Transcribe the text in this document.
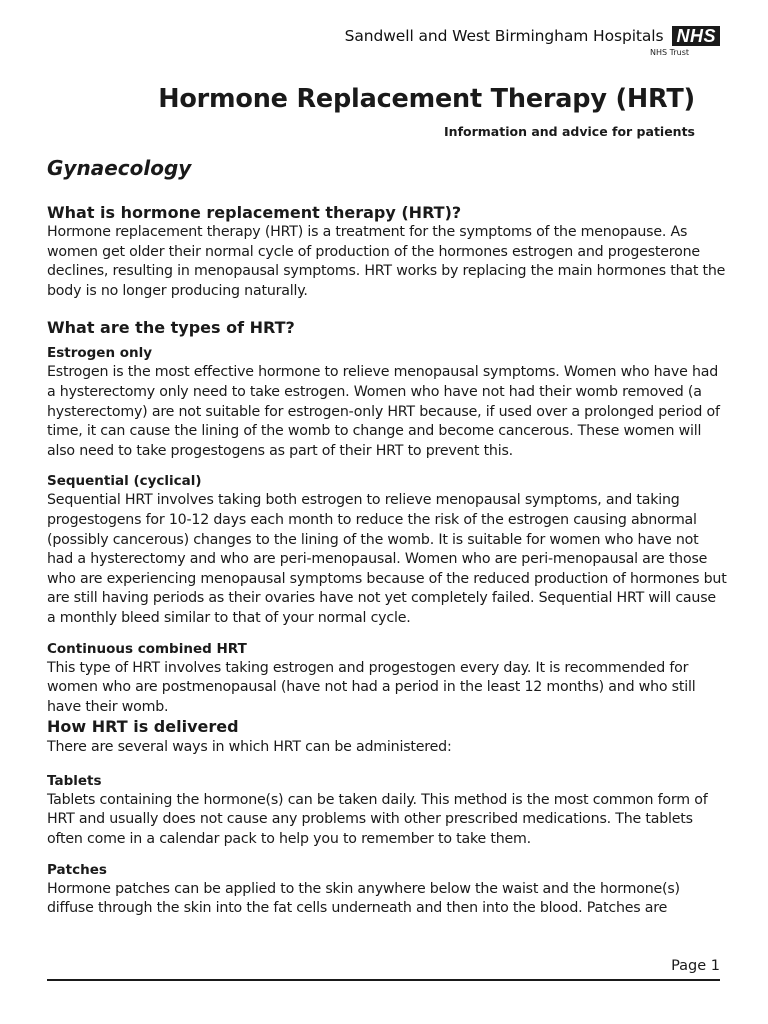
Sandwell and West Birmingham Hospitals NHS
NHS Trust
Hormone Replacement Therapy (HRT)
Information and advice for patients
Gynaecology
What is hormone replacement therapy (HRT)?

Hormone replacement therapy (HRT) is a treatment for the symptoms of the menopause. As women get older their normal cycle of production of the hormones estrogen and progesterone declines, resulting in menopausal symptoms. HRT works by replacing the main hormones that the body is no longer producing naturally.

What are the types of HRT?
Estrogen only

Estrogen is the most effective hormone to relieve menopausal symptoms. Women who have had a hysterectomy only need to take estrogen. Women who have not had their womb removed (a hysterectomy) are not suitable for estrogen-only HRT because, if used over a prolonged period of time, it can cause the lining of the womb to change and become cancerous. These women will also need to take progestogens as part of their HRT to prevent this.

Sequential (cyclical)

Sequential HRT involves taking both estrogen to relieve menopausal symptoms, and taking progestogens for 10-12 days each month to reduce the risk of the estrogen causing abnormal (possibly cancerous) changes to the lining of the womb. It is suitable for women who have not had a hysterectomy and who are peri-menopausal. Women who are peri-menopausal are those who are experiencing menopausal symptoms because of the reduced production of hormones but are still having periods as their ovaries have not yet completely failed. Sequential HRT will cause a monthly bleed similar to that of your normal cycle.

Continuous combined HRT

This type of HRT involves taking estrogen and progestogen every day. It is recommended for women who are postmenopausal (have not had a period in the least 12 months) and who still have their womb.

How HRT is delivered

There are several ways in which HRT can be administered:

Tablets

Tablets containing the hormone(s) can be taken daily. This method is the most common form of HRT and usually does not cause any problems with other prescribed medications. The tablets often come in a calendar pack to help you to remember to take them.

Patches

Hormone patches can be applied to the skin anywhere below the waist and the hormone(s) diffuse through the skin into the fat cells underneath and then into the blood. Patches are

Page 1
